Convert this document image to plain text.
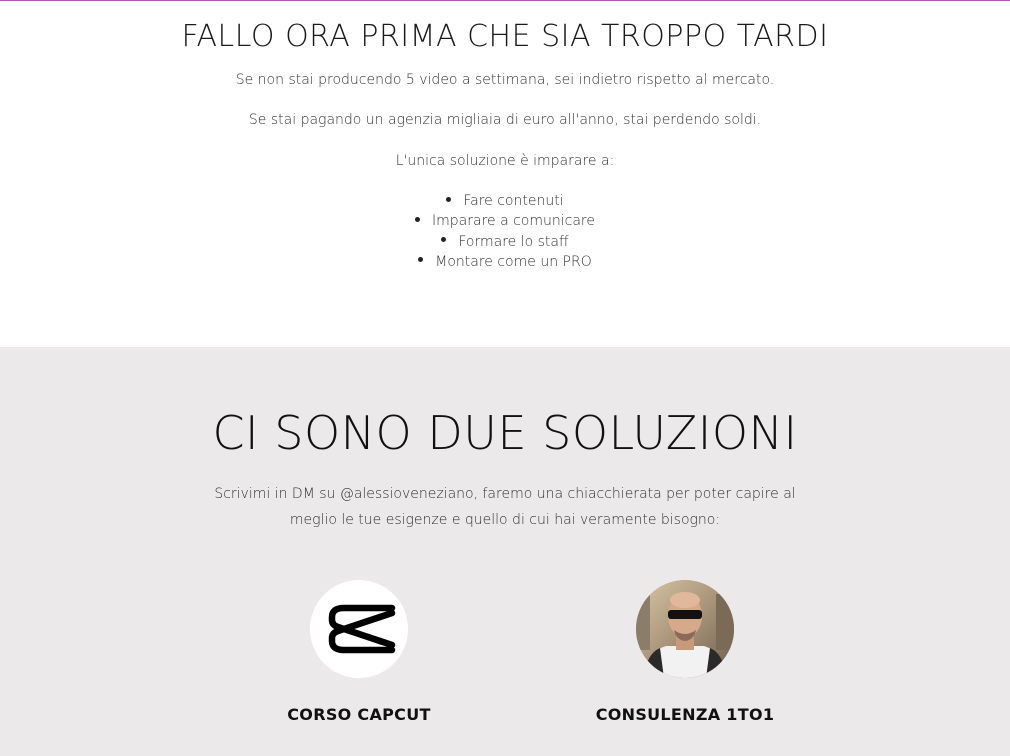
FALLO ORA PRIMA CHE SIA TROPPO TARDI

Se non stai producendo 5 video a settimana, sei indietro rispetto al mercato.

Se stai pagando un agenzia migliaia di euro all'anno, stai perdendo soldi.

L'unica soluzione è imparare a:

Fare contenuti
Imparare a comunicare
Formare lo staff
Montare come un PRO
CI SONO DUE SOLUZIONI

Scrivimi in DM su @alessioveneziano, faremo una chiacchierata per poter capire al meglio le tue esigenze e quello di cui hai veramente bisogno:

CORSO CAPCUT	CONSULENZA 1TO1
